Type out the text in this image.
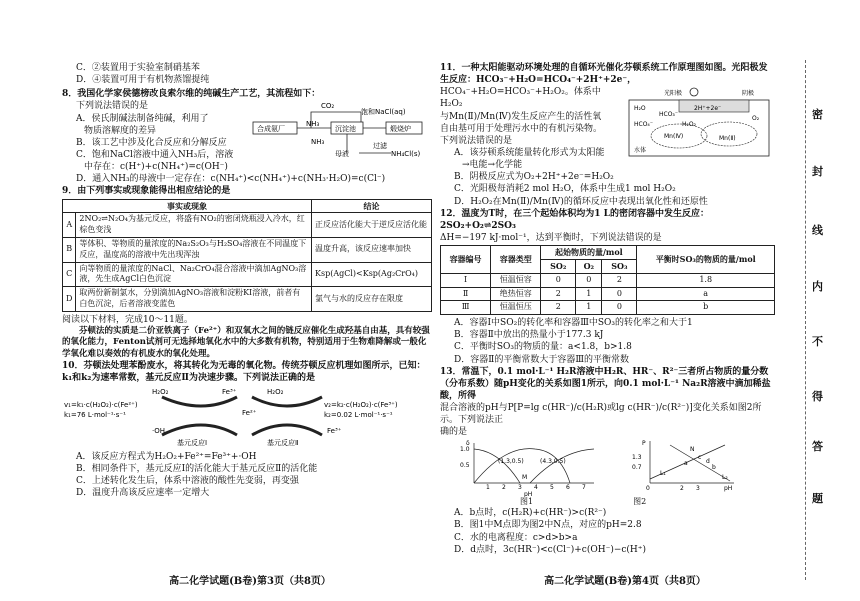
C．②装置用于实验室制硝基苯

D．④装置可用于有机物蒸馏提纯

8．我国化学家侯德榜改良索尔维的纯碱生产工艺，其流程如下：

下列说法错误的是

A．侯氏制碱法制备纯碱，利用了

物质溶解度的差异

B．该工艺中涉及化合反应和分解反应

C．饱和NaCl溶液中通入NH₃后，溶液

中存在：c(H⁺)+c(NH₄⁺)=c(OH⁻)

CO₂
饱和NaCl(aq)
合成氨厂
NH₃
沉淀池	煅烧炉
NH₃
母液
过滤
NH₄Cl(s)

D．通入NH₃的母液中一定存在：c(NH₄⁺)<c(NH₄⁺)+c(NH₃·H₂O)=c(Cl⁻)

9．由下列事实或现象能得出相应结论的是

事实或现象		结论
A	2NO₂⇌N₂O₄为基元反应，将盛有NO₂的密闭烧瓶浸入冷水，红棕色变浅	正反应活化能大于逆反应活化能
B	等体积、等物质的量浓度的Na₂S₂O₃与H₂SO₄溶液在不同温度下反应，温度高的溶液中先出现浑浊	温度升高，该反应速率加快
C	向等物质的量浓度的NaCl、Na₂CrO₄混合溶液中滴加AgNO₃溶液，先生成AgCl白色沉淀	Ksp(AgCl)<Ksp(Ag₂CrO₄)
D	取两份新制氯水，分别滴加AgNO₃溶液和淀粉KI溶液，前者有白色沉淀，后者溶液变蓝色	氯气与水的反应存在限度

阅读以下材料，完成10～11题。

芬顿法的实质是二价亚铁离子（Fe²⁺）和双氧水之间的链反应催化生成羟基自由基，具有较强的氧化能力，Fenton试剂可无选择地氧化水中的大多数有机物，特别适用于生物难降解或一般化学氧化难以奏效的有机废水的氧化处理。

10．芬顿法处理苯酚废水，将其转化为无毒的氧化物。传统芬顿反应机理如图所示，已知：k₁和k₂为速率常数，基元反应Ⅱ为决速步骤。下列说法正确的是

H₂O₂	Fe³⁺	H₂O₂
v₁=k₁·c(H₂O₂)·c(Fe²⁺)
k₁=76 L·mol⁻¹·s⁻¹	Fe²⁺
v₂=k₂·c(H₂O₂)·c(Fe³⁺)
k₂=0.02 L·mol⁻¹·s⁻¹
·OH	Fe³⁺
基元反应Ⅰ	基元反应Ⅱ

A．该反应方程式为H₂O₂+Fe²⁺=Fe³⁺+·OH

B．相同条件下，基元反应Ⅰ的活化能大于基元反应Ⅱ的活化能

C．上述转化发生后，体系中溶液的酸性先变弱，再变强

D．温度升高该反应速率一定增大

高二化学试题(B卷)第3页（共8页）

11．一种太阳能驱动环境处理的自循环光催化芬顿系统工作原理图如图。光阳极发生反应：HCO₃⁻+H₂O=HCO₄⁻+2H⁺+2e⁻，

HCO₄⁻+H₂O=HCO₃⁻+H₂O₂。体系中H₂O₂

与Mn(Ⅱ)/Mn(Ⅳ)发生反应产生的活性氧

自由基可用于处理污水中的有机污染物。

下列说法错误的是

A．该芬顿系统能量转化形式为太阳能

→电能→化学能

B．阴极反应式为O₂+2H⁺+2e⁻=H₂O₂

光阳极	阴极
H₂O
HCO₄⁻
HCO₃⁻
H₂O₂
2H⁺+2e⁻
O₂
Mn(Ⅳ)	Mn(Ⅱ)
水体

C．光阳极每消耗2 mol H₂O，体系中生成1 mol H₂O₂

D．H₂O₂在Mn(Ⅱ)/Mn(Ⅳ)的循环反应中表现出氧化性和还原性

12．温度为T时，在三个起始体积均为1 L的密闭容器中发生反应：2SO₂+O₂⇌2SO₃

ΔH=−197 kJ·mol⁻¹，达到平衡时，下列说法错误的是

容器编号	容器类型	起始物质的量/mol			平衡时SO₃的物质的量/mol
		SO₂	O₂	SO₃	
Ⅰ	恒温恒容	0	0	2	1.8
Ⅱ	绝热恒容	2	1	0	a
Ⅲ	恒温恒压	2	1	0	b

A．容器Ⅰ中SO₂的转化率和容器Ⅲ中SO₃的转化率之和大于1

B．容器Ⅱ中放出的热量小于177.3 kJ

C．平衡时SO₃的物质的量：a<1.8，b>1.8

D．容器Ⅱ的平衡常数大于容器Ⅲ的平衡常数

13．常温下，0.1 mol·L⁻¹ H₂R溶液中H₂R、HR⁻、R²⁻三者所占物质的量分数（分布系数）随pH变化的关系如图1所示，向0.1 mol·L⁻¹ Na₂R溶液中滴加稀盐酸，所得

混合溶液的pH与P[P=lg c(HR⁻)/c(H₂R)或lg c(HR⁻)/c(R²⁻)]变化关系如图2所示。下列说法正

确的是

δ
1.0
0.5
(1.3,0.5)	(4.3,0.5)
M
1 2 3 4 5 6 7
pH
P
1.3
0.7
N
c
d
a
b
L₁
L₂
0	2 3	pH
图1	图2

A．b点时，c(H₂R)+c(HR⁻)>c(R²⁻)

B．图1中M点即为图2中N点，对应的pH=2.8

C．水的电离程度：c>d>b>a

D．d点时，3c(HR⁻)<c(Cl⁻)+c(OH⁻)−c(H⁺)

高二化学试题(B卷)第4页（共8页）
密
封
线
内
不
得
答
题
